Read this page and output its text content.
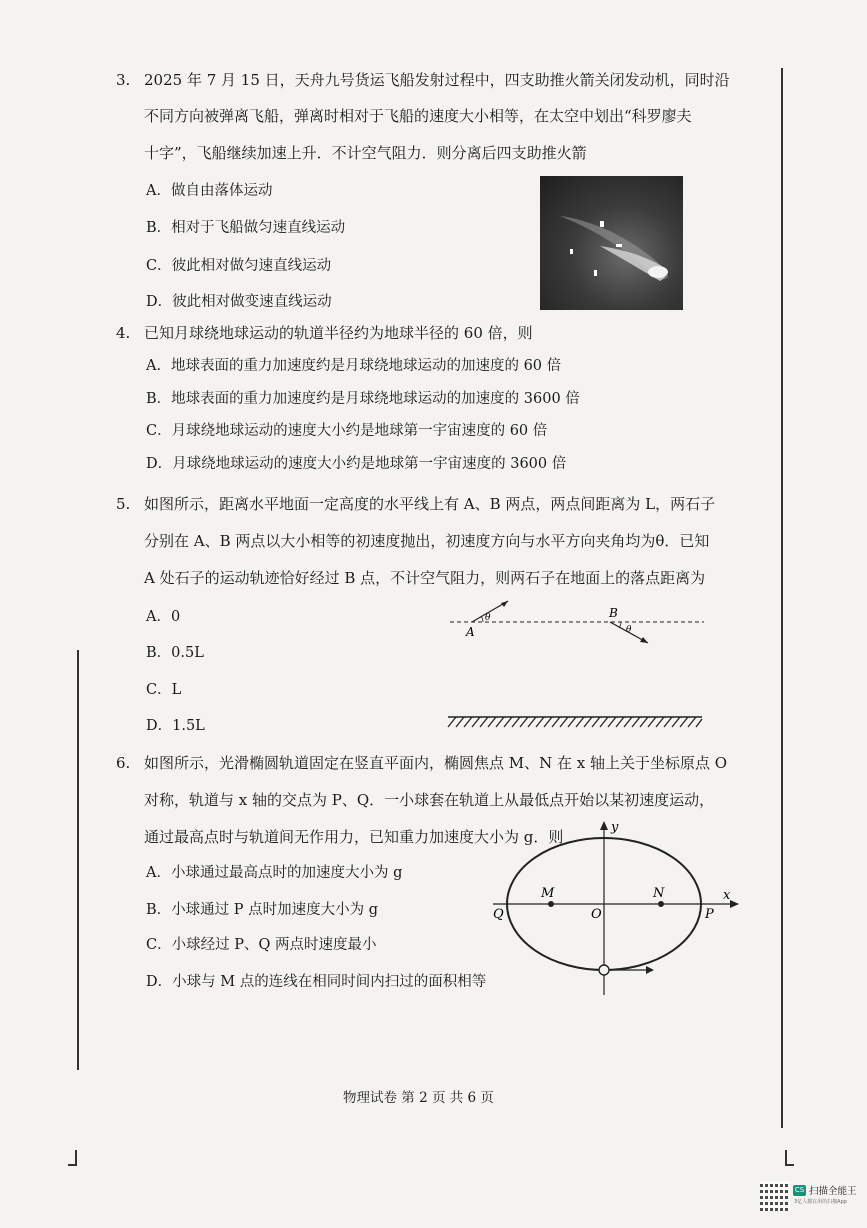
3. 2025 年 7 月 15 日，天舟九号货运飞船发射过程中，四支助推火箭关闭发动机，同时沿
不同方向被弹离飞船，弹离时相对于飞船的速度大小相等，在太空中划出“科罗廖夫
十字”，飞船继续加速上升．不计空气阻力．则分离后四支助推火箭
A．做自由落体运动
B．相对于飞船做匀速直线运动
C．彼此相对做匀速直线运动
D．彼此相对做变速直线运动
4. 已知月球绕地球运动的轨道半径约为地球半径的 60 倍，则
A．地球表面的重力加速度约是月球绕地球运动的加速度的 60 倍
B．地球表面的重力加速度约是月球绕地球运动的加速度的 3600 倍
C．月球绕地球运动的速度大小约是地球第一宇宙速度的 60 倍
D．月球绕地球运动的速度大小约是地球第一宇宙速度的 3600 倍
5. 如图所示，距离水平地面一定高度的水平线上有 A、B 两点，两点间距离为 L，两石子
分别在 A、B 两点以大小相等的初速度抛出，初速度方向与水平方向夹角均为θ．已知
A 处石子的运动轨迹恰好经过 B 点，不计空气阻力，则两石子在地面上的落点距离为
A．0
B．0.5L
C．L
D．1.5L
A
θ	B
θ
6. 如图所示，光滑椭圆轨道固定在竖直平面内，椭圆焦点 M、N 在 x 轴上关于坐标原点 O
对称，轨道与 x 轴的交点为 P、Q．一小球套在轨道上从最低点开始以某初速度运动，
通过最高点时与轨道间无作用力，已知重力加速度大小为 g．则
A．小球通过最高点时的加速度大小为 g
B．小球通过 P 点时加速度大小为 g
C．小球经过 P、Q 两点时速度最小
D．小球与 M 点的连线在相同时间内扫过的面积相等
y
x
M	N
O	P
Q
物理试卷 第 2 页 共 6 页
CS 扫描全能王
3亿人都在用的扫描App
